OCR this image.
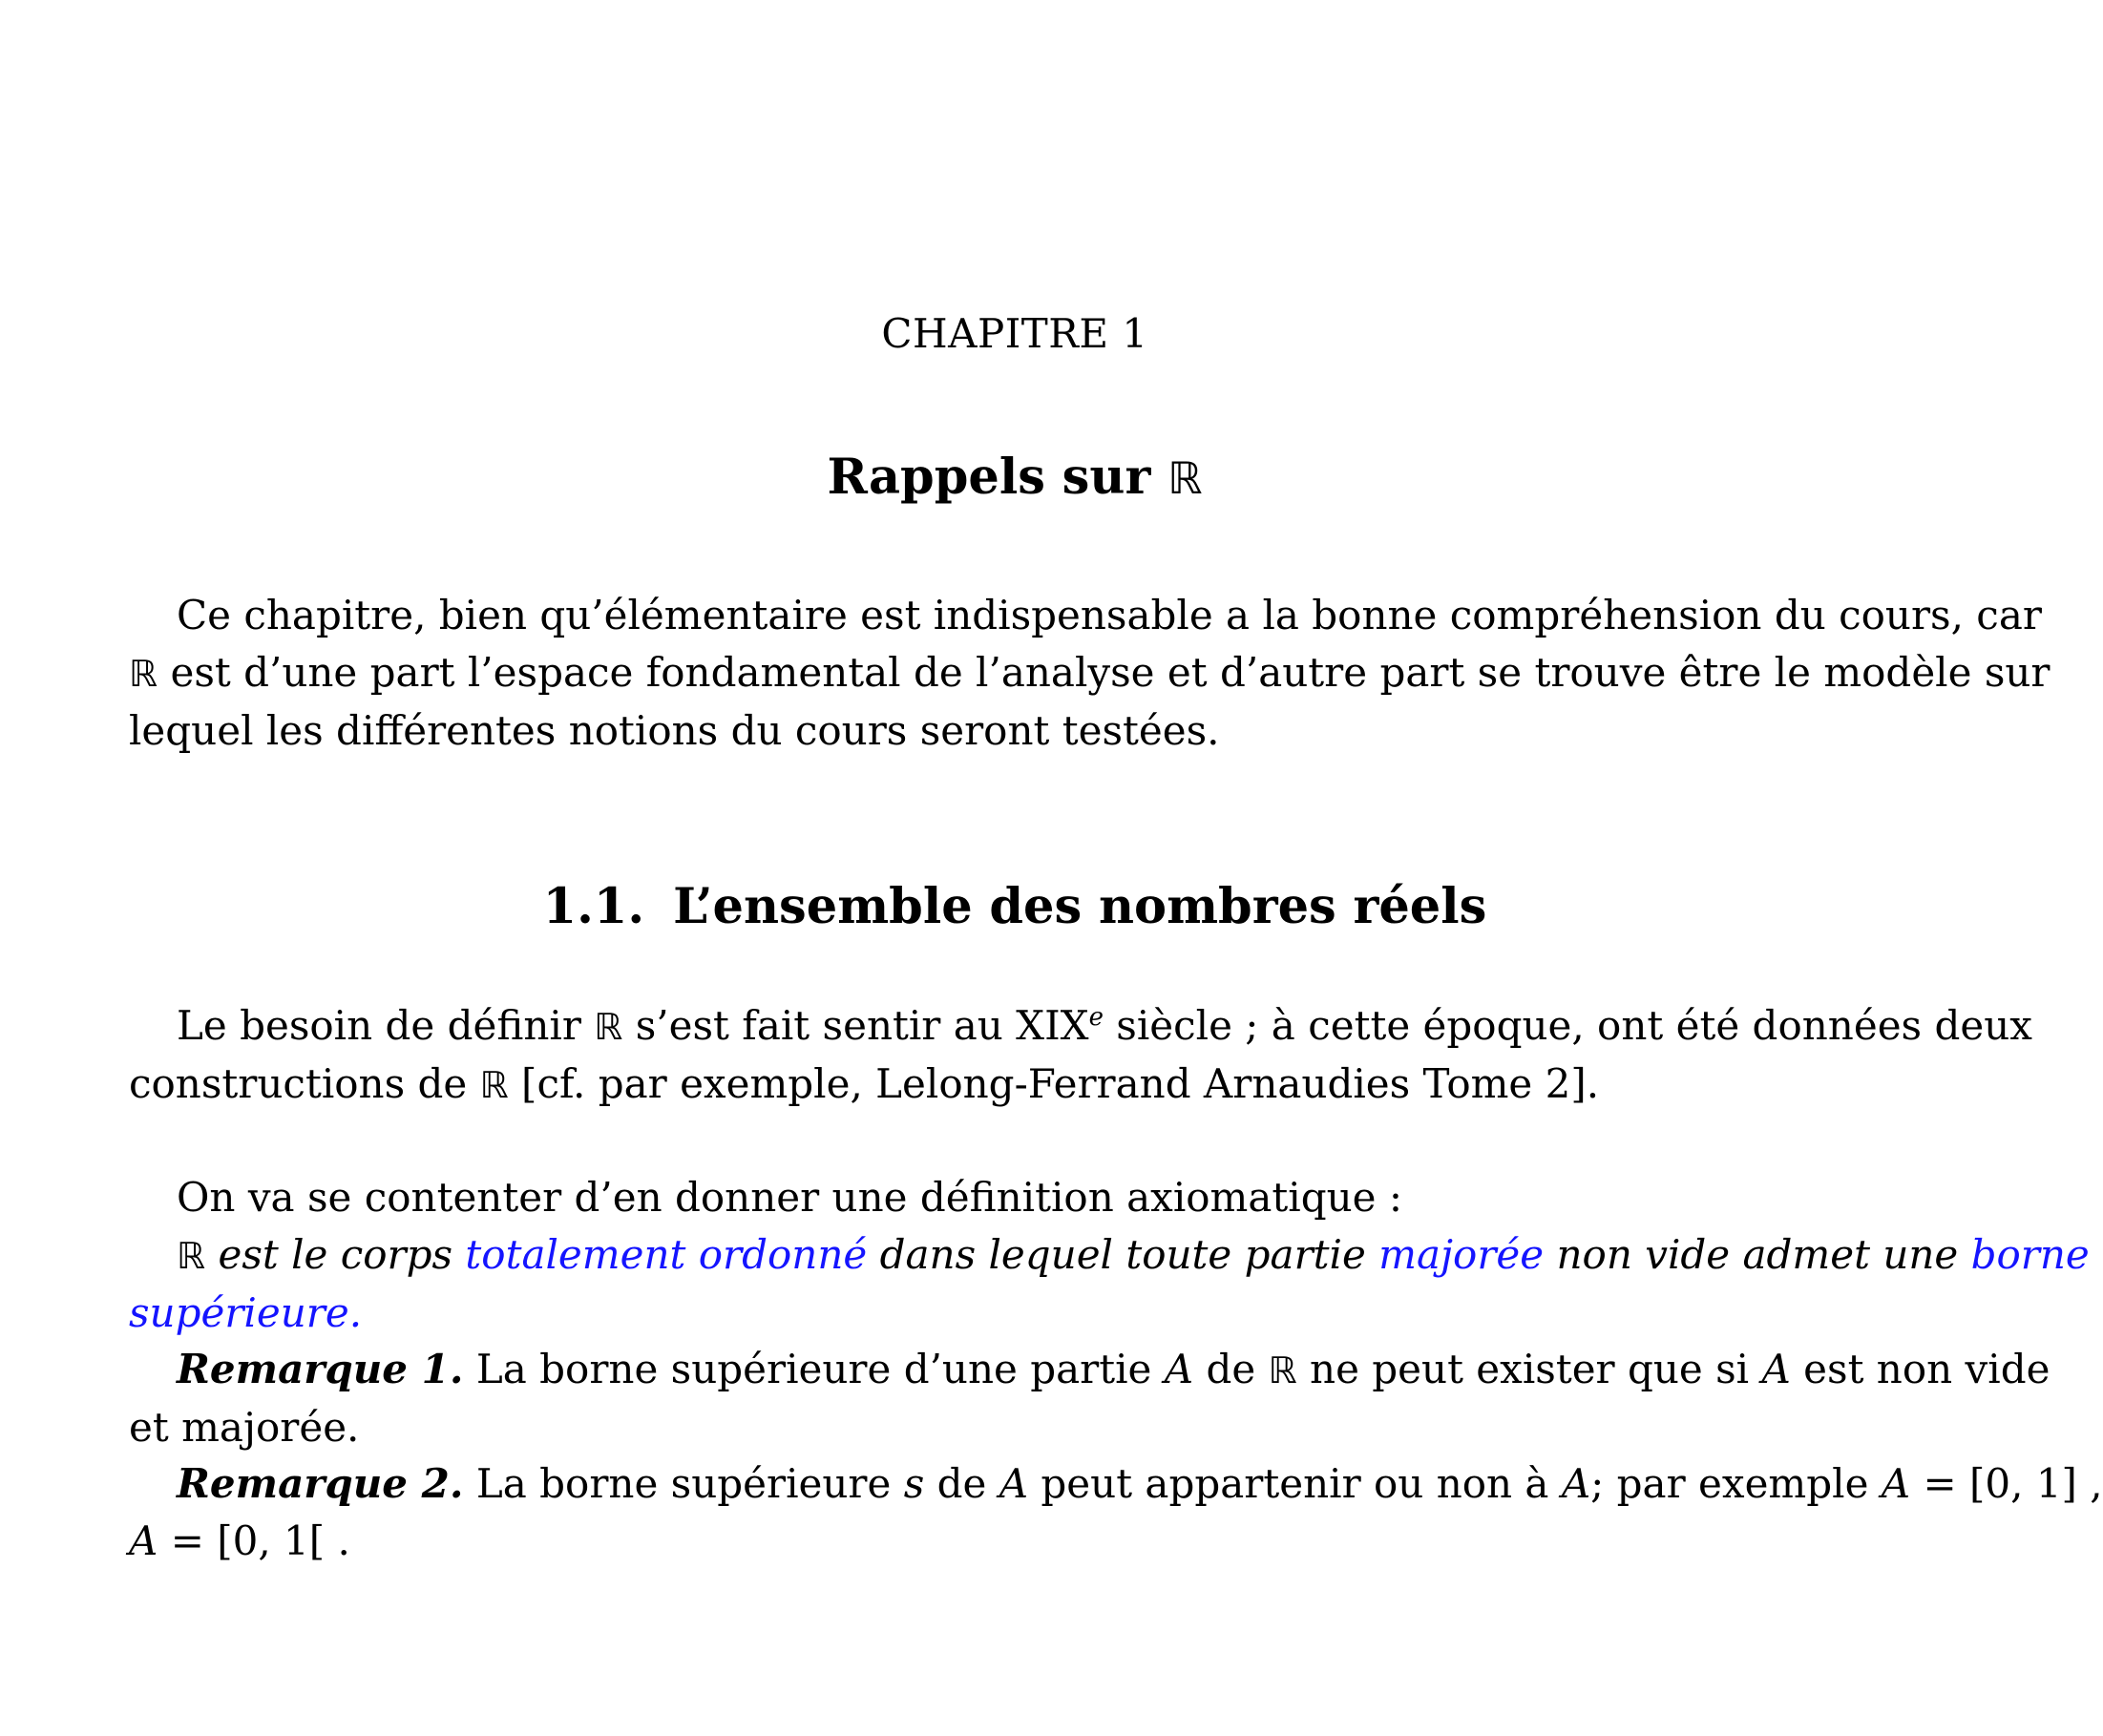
CHAPITRE 1
Rappels sur ℝ
Ce chapitre, bien qu’élémentaire est indispensable a la bonne compréhension du cours, car
ℝ est d’une part l’espace fondamental de l’analyse et d’autre part se trouve être le modèle sur
lequel les différentes notions du cours seront testées.
1.1. L’ensemble des nombres réels
Le besoin de définir ℝ s’est fait sentir au XIXe siècle ; à cette époque, ont été données deux
constructions de ℝ [cf. par exemple, Lelong-Ferrand Arnaudies Tome 2].
On va se contenter d’en donner une définition axiomatique :
ℝ est le corps totalement ordonné dans lequel toute partie majorée non vide admet une borne
supérieure.
Remarque 1. La borne supérieure d’une partie A de ℝ ne peut exister que si A est non vide
et majorée.
Remarque 2. La borne supérieure s de A peut appartenir ou non à A; par exemple A = [0, 1] ,
A = [0, 1[ .
